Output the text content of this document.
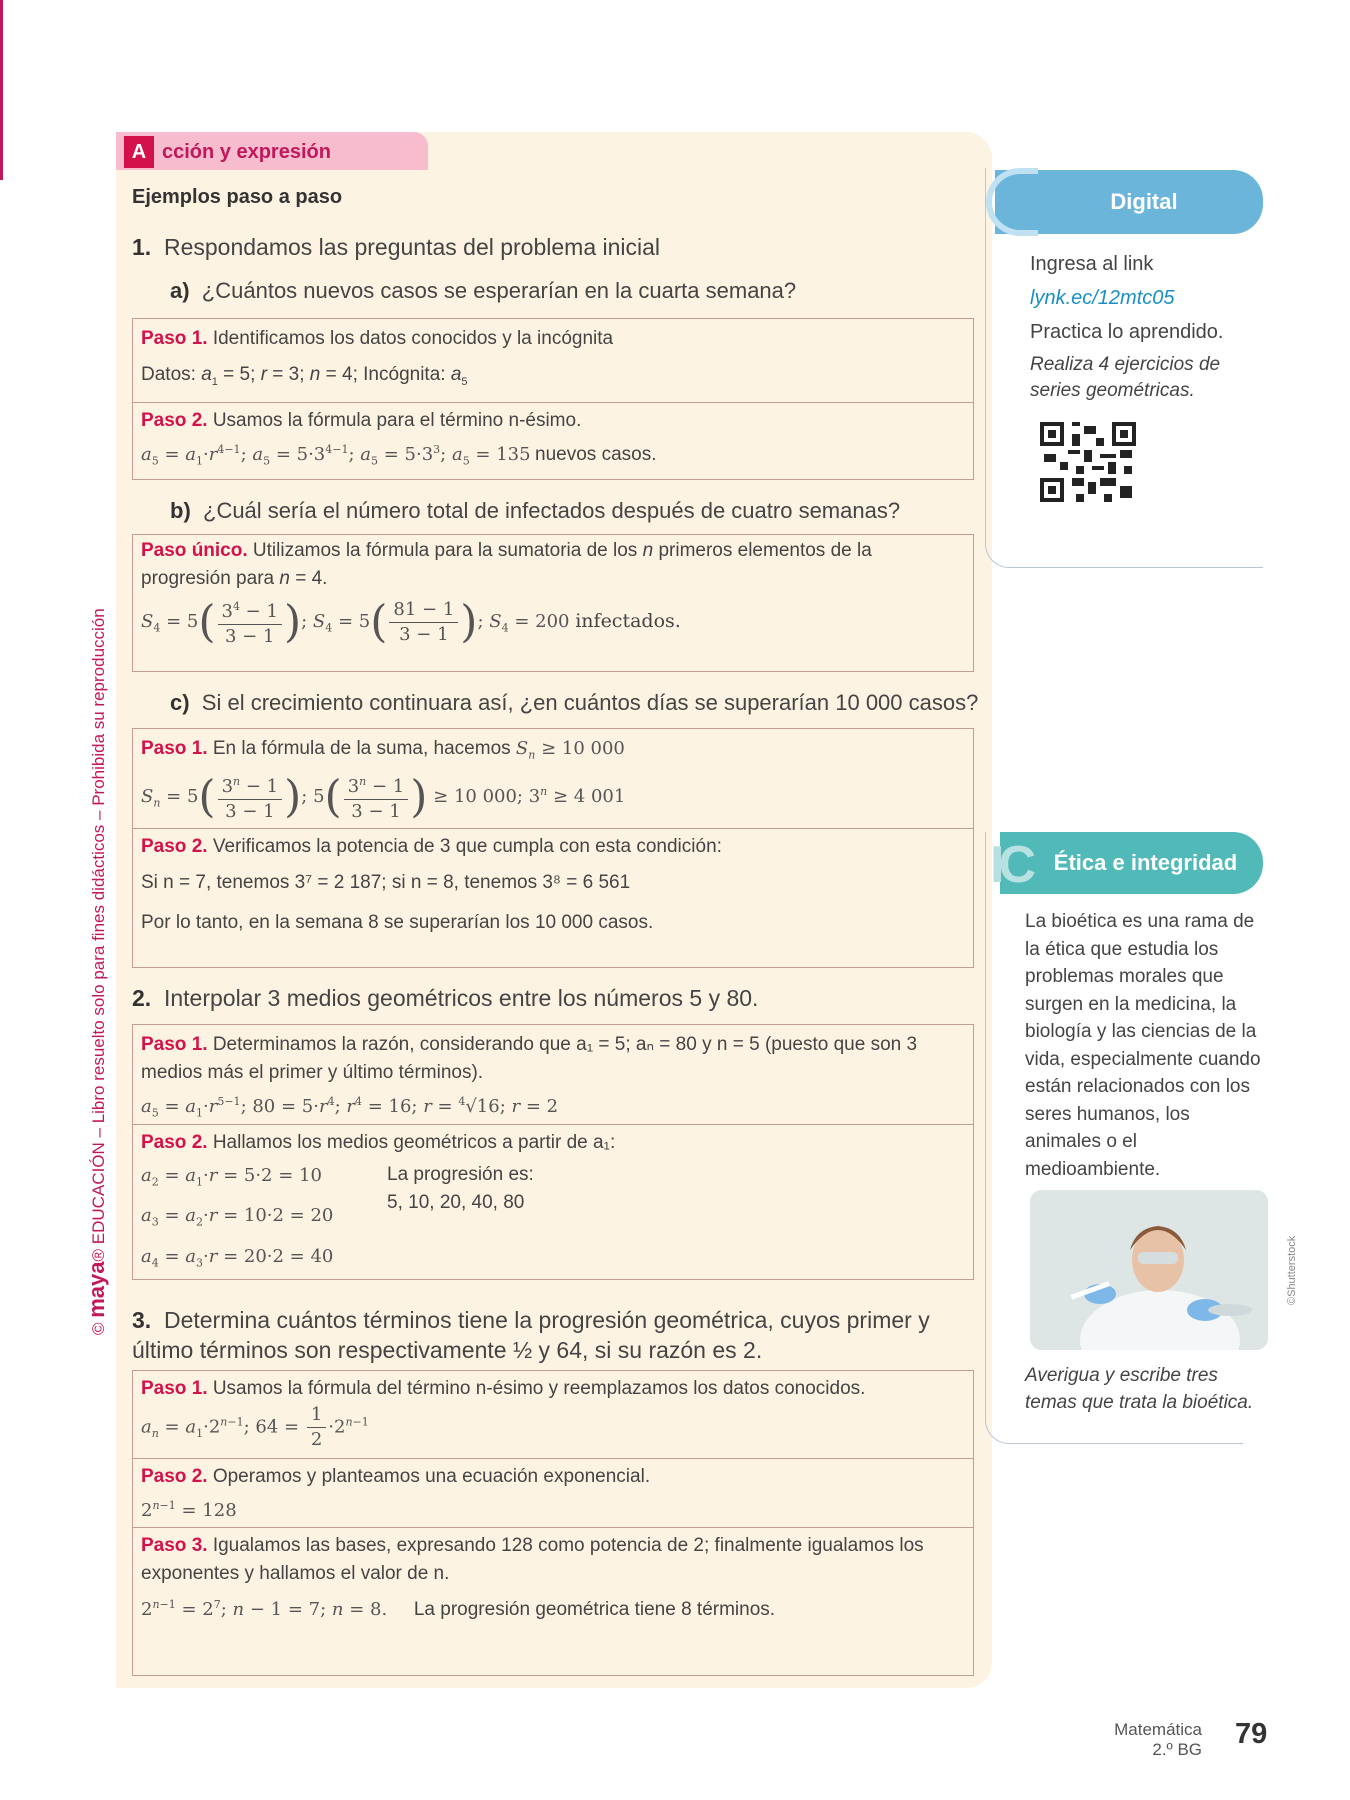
© maya® EDUCACIÓN – Libro resuelto solo para fines didácticos – Prohibida su reproducción
A cción y expresión
Ejemplos paso a paso
1. Respondamos las preguntas del problema inicial
a) ¿Cuántos nuevos casos se esperarían en la cuarta semana?
Paso 1. Identificamos los datos conocidos y la incógnita
Datos: $a_1 = 5$; r = 3; n = 4; Incógnita: $a_5$
Paso 2. Usamos la fórmula para el término n-ésimo.
$a_5 = a_1\cdot r^{4-1}$; $a_5 = 5\cdot 3^{4-1}$; $a_5 = 5\cdot 3^3$; $a_5 = 135$ nuevos casos.
b) ¿Cuál sería el número total de infectados después de cuatro semanas?
Paso único. Utilizamos la fórmula para la sumatoria de los n primeros elementos de la progresión para n = 4.
$S_4 = 5( \frac{3^4 - 1}{3 - 1}$ ); $S_4 = 5( \frac{81 - 1}{3 - 1}$ ); $S_4 = 200$ infectados.
c) Si el crecimiento continuara así, ¿en cuántos días se superarían 10 000 casos?
Paso 1. En la fórmula de la suma, hacemos $S_n \ge 10$ 000
$S_n = 5( \frac{3^n - 1}{3 - 1}$ ); $5( \frac{3^n - 1}{3 - 1}$ ) ≥ 10 000; $3^n \ge 4$ 001
Paso 2. Verificamos la potencia de 3 que cumpla con esta condición:
Si n = 7, tenemos 3⁷ = 2 187; si n = 8, tenemos 3⁸ = 6 561
Por lo tanto, en la semana 8 se superarían los 10 000 casos.
2. Interpolar 3 medios geométricos entre los números 5 y 80.
Paso 1. Determinamos la razón, considerando que a₁ = 5; aₙ = 80 y n = 5 (puesto que son 3 medios más el primer y último términos).
$a_5 = a_1\cdot r^{5-1}$; $80 = 5\cdot r^4$; $r^4 = 16$; r = $^4$√16; r = 2
Paso 2. Hallamos los medios geométricos a partir de a₁:
$a_2 = a_1\cdot r = 5\cdot 2 = 10$
$a_3 = a_2\cdot r = 10\cdot 2 = 20$
$a_4 = a_3\cdot r = 20\cdot 2 = 40$
La progresión es:
5, 10, 20, 40, 80
3. Determina cuántos términos tiene la progresión geométrica, cuyos primer y último términos son respectivamente ½ y 64, si su razón es 2.
Paso 1. Usamos la fórmula del término n-ésimo y reemplazamos los datos conocidos.
$a_n = a_1\cdot 2^{n-1}$; $64 = \frac{1}{2} \cdot 2^{n-1}$
Paso 2. Operamos y planteamos una ecuación exponencial.
$2^{n-1} = 128$
Paso 3. Igualamos las bases, expresando 128 como potencia de 2; finalmente igualamos los exponentes y hallamos el valor de n.
$2^{n-1} = 2^7$; n − 1 = 7; n = 8. La progresión geométrica tiene 8 términos.
Digital
Ingresa al link
lynk.ec/12mtc05
Practica lo aprendido.
Realiza 4 ejercicios de series geométricas.
IC	Ética e integridad
La bioética es una rama de la ética que estudia los problemas morales que surgen en la medicina, la biología y las ciencias de la vida, especialmente cuando están relacionados con los seres humanos, los animales o el medioambiente.
©Shutterstock
Averigua y escribe tres temas que trata la bioética.
Matemática
2.º BG 79
